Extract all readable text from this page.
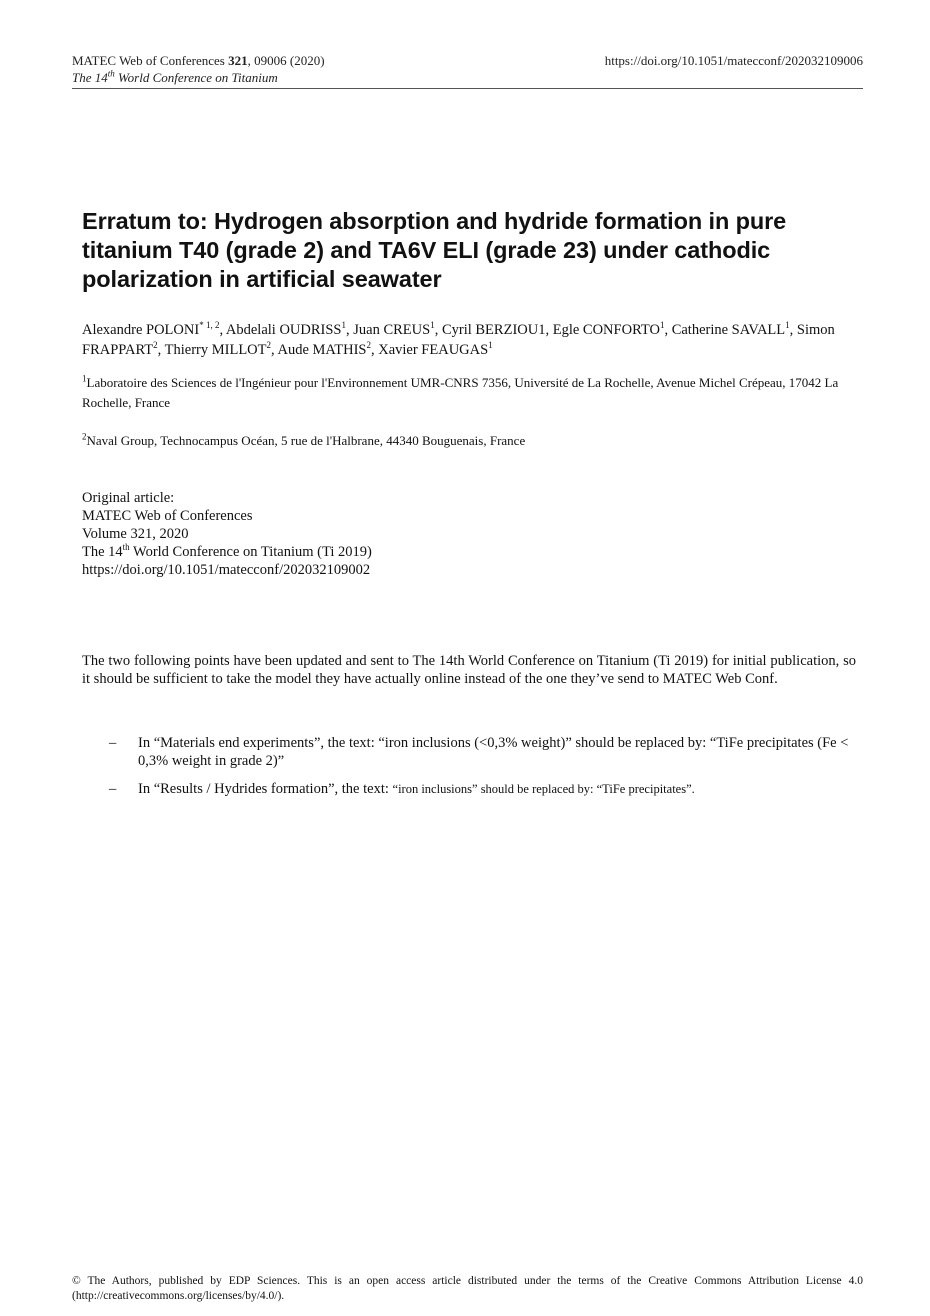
MATEC Web of Conferences 321, 09006 (2020)
The 14th World Conference on Titanium
https://doi.org/10.1051/matecconf/202032109006
Erratum to: Hydrogen absorption and hydride formation in pure titanium T40 (grade 2) and TA6V ELI (grade 23) under cathodic polarization in artificial seawater
Alexandre POLONI$^{* 1, 2}$, Abdelali OUDRISS$^1$, Juan CREUS$^1$, Cyril BERZIOU1, Egle CONFORTO$^1$, Catherine SAVALL$^1$, Simon FRAPPART$^2$, Thierry MILLOT$^2$, Aude MATHIS$^2$, Xavier FEAUGAS$^1$
$^1$Laboratoire des Sciences de l'Ingénieur pour l'Environnement UMR-CNRS 7356, Université de La Rochelle, Avenue Michel Crépeau, 17042 La Rochelle, France
$^2$Naval Group, Technocampus Océan, 5 rue de l'Halbrane, 44340 Bouguenais, France
Original article:
MATEC Web of Conferences
Volume 321, 2020
The 14th World Conference on Titanium (Ti 2019)
https://doi.org/10.1051/matecconf/202032109002

The two following points have been updated and sent to The 14th World Conference on Titanium (Ti 2019) for initial publication, so it should be sufficient to take the model they have actually online instead of the one they’ve send to MATEC Web Conf.

– In “Materials end experiments”, the text: “iron inclusions (<0,3% weight)” should be replaced by: “TiFe precipitates (Fe < 0,3% weight in grade 2)”
– In “Results / Hydrides formation”, the text: “iron inclusions” should be replaced by: “TiFe precipitates”.
© The Authors, published by EDP Sciences. This is an open access article distributed under the terms of the Creative Commons Attribution License 4.0 (http://creativecommons.org/licenses/by/4.0/).
